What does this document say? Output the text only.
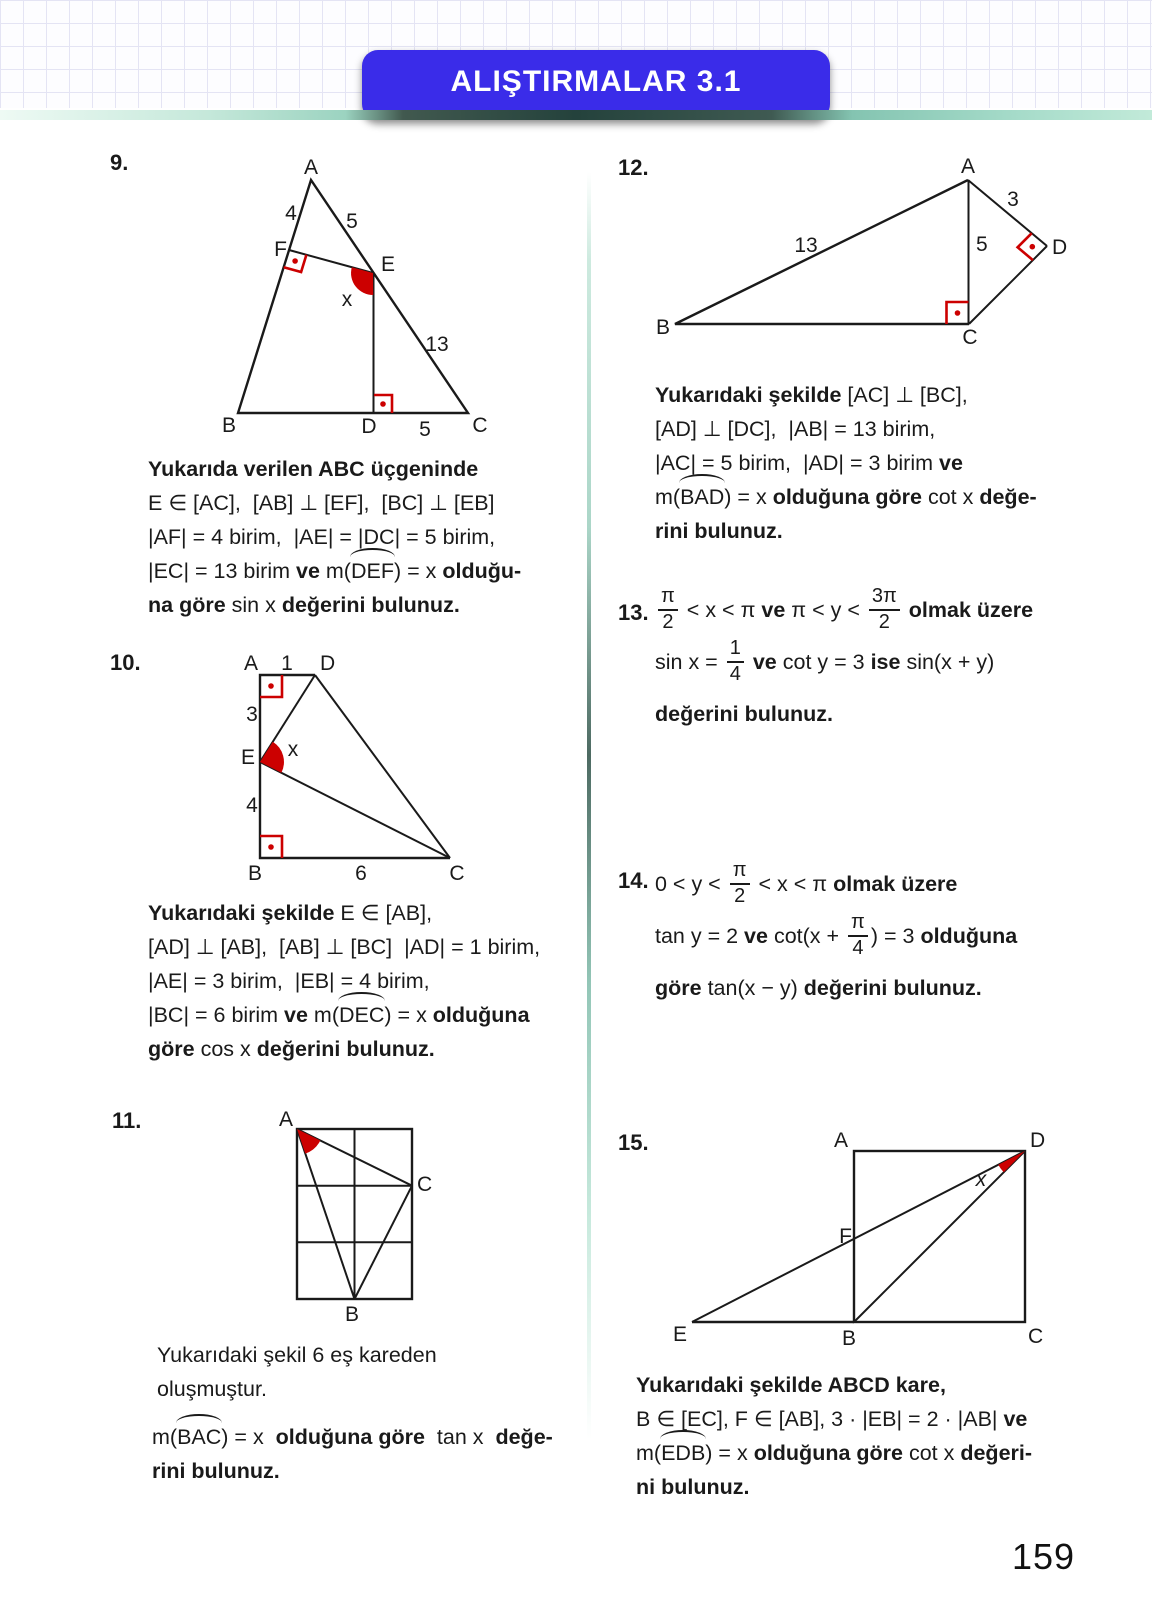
ALIŞTIRMALAR 3.1
9.	A
B	C
D
E
F
4 5
13
5
x
Yukarıda verilen ABC üçgeninde
E ∈ [AC],  [AB] ⊥ [EF],  [BC] ⊥ [EB]
|AF| = 4 birim,  |AE| = |DC| = 5 birim,
|EC| = 13 birim ve m(DEF) = x olduğu-
na göre sin x değerini bulunuz.
10.	A 1 D
3
E x
4
B	6	C
Yukarıdaki şekilde E ∈ [AB],
[AD] ⊥ [AB],  [AB] ⊥ [BC]  |AD| = 1 birim,
|AE| = 3 birim,  |EB| = 4 birim,
|BC| = 6 birim ve m(DEC) = x olduğuna
göre cos x değerini bulunuz.
11.	A
C
B
Yukarıdaki şekil 6 eş kareden
oluşmuştur.
m(BAC) = x  olduğuna göre  tan x  değe-
rini bulunuz.
12.	A
B	C
D
13	5
3
Yukarıdaki şekilde [AC] ⊥ [BC],
[AD] ⊥ [DC],  |AB| = 13 birim,
|AC| = 5 birim,  |AD| = 3 birim ve
m(BAD) = x olduğuna göre cot x değe-
rini bulunuz.
13. $\frac{\pi}{2} < x < \pi$ ve $\pi < y < \frac{3\pi}{2}$
olmak üzere
$\sin x = \frac{1}{4}$
ve cot y = 3 ise sin(x + y)
değerini bulunuz.
14. $0 < y < \frac{\pi}{2} < x < \pi$ olmak üzere
tan y = 2 ve $\cot(x + \frac{\pi}{4}$ ) = 3 olduğuna
göre tan(x − y) değerini bulunuz.
15.	A	D
F
x
E	B	C
Yukarıdaki şekilde ABCD kare,
B ∈ [EC], F ∈ [AB], 3 · |EB| = 2 · |AB| ve
m(EDB) = x olduğuna göre cot x değeri-
ni bulunuz.
159
